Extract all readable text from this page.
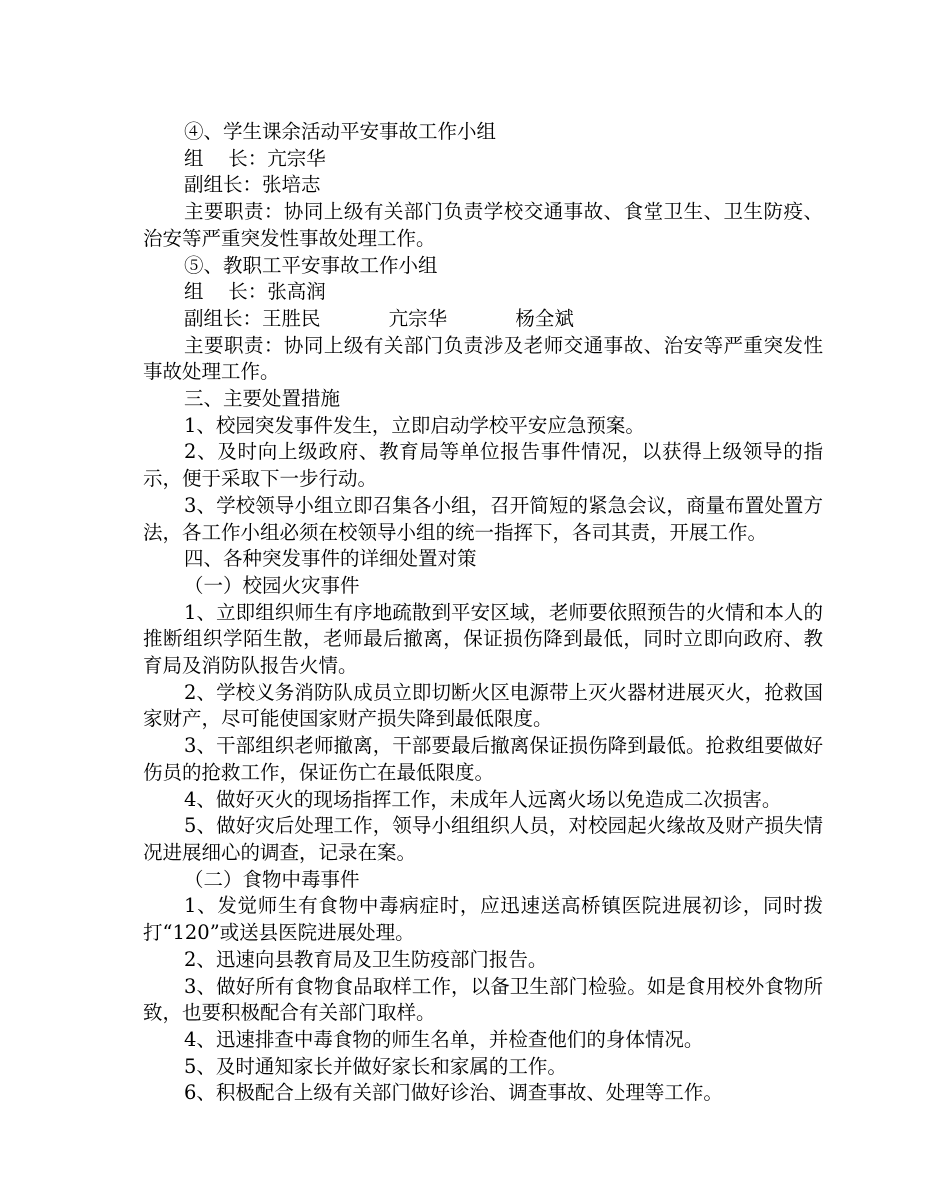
④、学生课余活动平安事故工作小组
组    长：亢宗华
副组长：张培志
主要职责：协同上级有关部门负责学校交通事故、食堂卫生、卫生防疫、治安等严重突发性事故处理工作。
⑤、教职工平安事故工作小组
组    长：张高润
副组长：王胜民           亢宗华           杨全斌
主要职责：协同上级有关部门负责涉及老师交通事故、治安等严重突发性事故处理工作。
三、主要处置措施
1、校园突发事件发生，立即启动学校平安应急预案。
2、及时向上级政府、教育局等单位报告事件情况，以获得上级领导的指示，便于采取下一步行动。
3、学校领导小组立即召集各小组，召开简短的紧急会议，商量布置处置方法，各工作小组必须在校领导小组的统一指挥下，各司其责，开展工作。
四、各种突发事件的详细处置对策
（一）校园火灾事件
1、立即组织师生有序地疏散到平安区域，老师要依照预告的火情和本人的推断组织学陌生散，老师最后撤离，保证损伤降到最低，同时立即向政府、教育局及消防队报告火情。
2、学校义务消防队成员立即切断火区电源带上灭火器材进展灭火，抢救国家财产，尽可能使国家财产损失降到最低限度。
3、干部组织老师撤离，干部要最后撤离保证损伤降到最低。抢救组要做好伤员的抢救工作，保证伤亡在最低限度。
4、做好灭火的现场指挥工作，未成年人远离火场以免造成二次损害。
5、做好灾后处理工作，领导小组组织人员，对校园起火缘故及财产损失情况进展细心的调查，记录在案。
（二）食物中毒事件
1、发觉师生有食物中毒病症时，应迅速送高桥镇医院进展初诊，同时拨打“120”或送县医院进展处理。
2、迅速向县教育局及卫生防疫部门报告。
3、做好所有食物食品取样工作，以备卫生部门检验。如是食用校外食物所致，也要积极配合有关部门取样。
4、迅速排查中毒食物的师生名单，并检查他们的身体情况。
5、及时通知家长并做好家长和家属的工作。
6、积极配合上级有关部门做好诊治、调查事故、处理等工作。
